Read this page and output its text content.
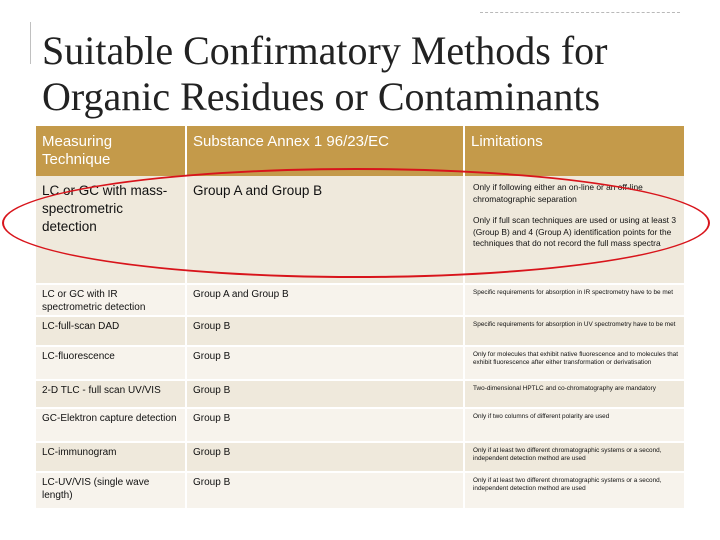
Suitable Confirmatory Methods for Organic Residues or Contaminants
Measuring Technique	Substance Annex 1 96/23/EC	Limitations
LC or GC with mass-spectrometric detection	Group A and Group B	Only if following either an on-line or an off-line chromatographic separation

Only if full scan techniques are used or using at least 3 (Group B) and 4 (Group A) identification points for the techniques that do not record the full mass spectra

LC or GC with IR spectrometric detection	Group A and Group B	Specific requirements for absorption in IR spectrometry have to be met
LC-full-scan DAD	Group B	Specific requirements for absorption in UV spectrometry have to be met
LC-fluorescence	Group B	Only for molecules that exhibit native fluorescence and to molecules that exhibit fluorescence after either transformation or derivatisation
2-D TLC - full scan UV/VIS	Group B	Two-dimensional HPTLC and co-chromatography are mandatory
GC-Elektron capture detection	Group B	Only if two columns of different polarity are used
LC-immunogram	Group B	Only if at least two different chromatographic systems or a second, independent detection method are used
LC-UV/VIS (single wave length)	Group B	Only if at least two different chromatographic systems or a second, independent detection method are used
